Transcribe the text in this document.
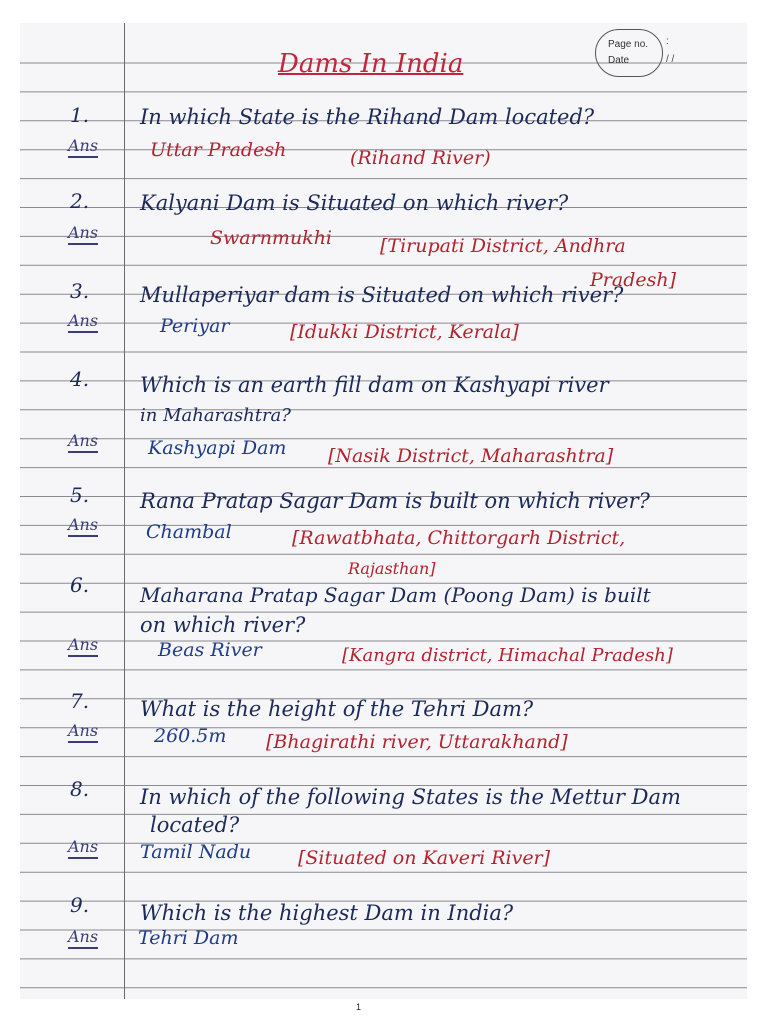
Page no.
Date
:
/ /
Dams In India
1. In which State is the Rihand Dam located?
Ans	Uttar Pradesh	(Rihand River)
2. Kalyani Dam is Situated on which river?
Ans	Swarnmukhi	[Tirupati District, Andhra
Pradesh]
3. Mullaperiyar dam is Situated on which river?
Ans	Periyar	[Idukki District, Kerala]
4. Which is an earth fill dam on Kashyapi river
in Maharashtra?
Ans	Kashyapi Dam [Nasik District, Maharashtra]
5. Rana Pratap Sagar Dam is built on which river?
Ans	Chambal	[Rawatbhata, Chittorgarh District,
Rajasthan]
6.	Maharana Pratap Sagar Dam (Poong Dam) is built
on which river?
Ans	Beas River	[Kangra district, Himachal Pradesh]
7. What is the height of the Tehri Dam?
Ans	260.5m [Bhagirathi river, Uttarakhand]
8. In which of the following States is the Mettur Dam
located?
Ans Tamil Nadu [Situated on Kaveri River]
9. Which is the highest Dam in India?
Ans Tehri Dam
1
